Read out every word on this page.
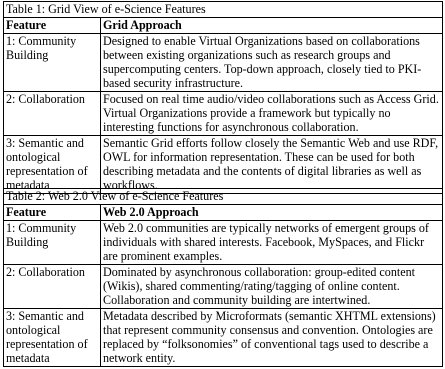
Table 1: Grid View of e-Science Features	
Feature	Grid Approach
1: Community Building	Designed to enable Virtual Organizations based on collaborations between existing organizations such as research groups and supercomputing centers. Top-down approach, closely tied to PKI-based security infrastructure.
2: Collaboration	Focused on real time audio/video collaborations such as Access Grid. Virtual Organizations provide a framework but typically no interesting functions for asynchronous collaboration.
3: Semantic and ontological representation of metadata	Semantic Grid efforts follow closely the Semantic Web and use RDF, OWL for information representation. These can be used for both describing metadata and the contents of digital libraries as well as workflows.
Table 2: Web 2.0 View of e-Science Features	
Feature	Web 2.0 Approach
1: Community Building	Web 2.0 communities are typically networks of emergent groups of individuals with shared interests. Facebook, MySpaces, and Flickr are prominent examples.
2: Collaboration	Dominated by asynchronous collaboration: group-edited content (Wikis), shared commenting/rating/tagging of online content. Collaboration and community building are intertwined.
3: Semantic and ontological representation of metadata	Metadata described by Microformats (semantic XHTML extensions) that represent community consensus and convention. Ontologies are replaced by “folksonomies” of conventional tags used to describe a network entity.
